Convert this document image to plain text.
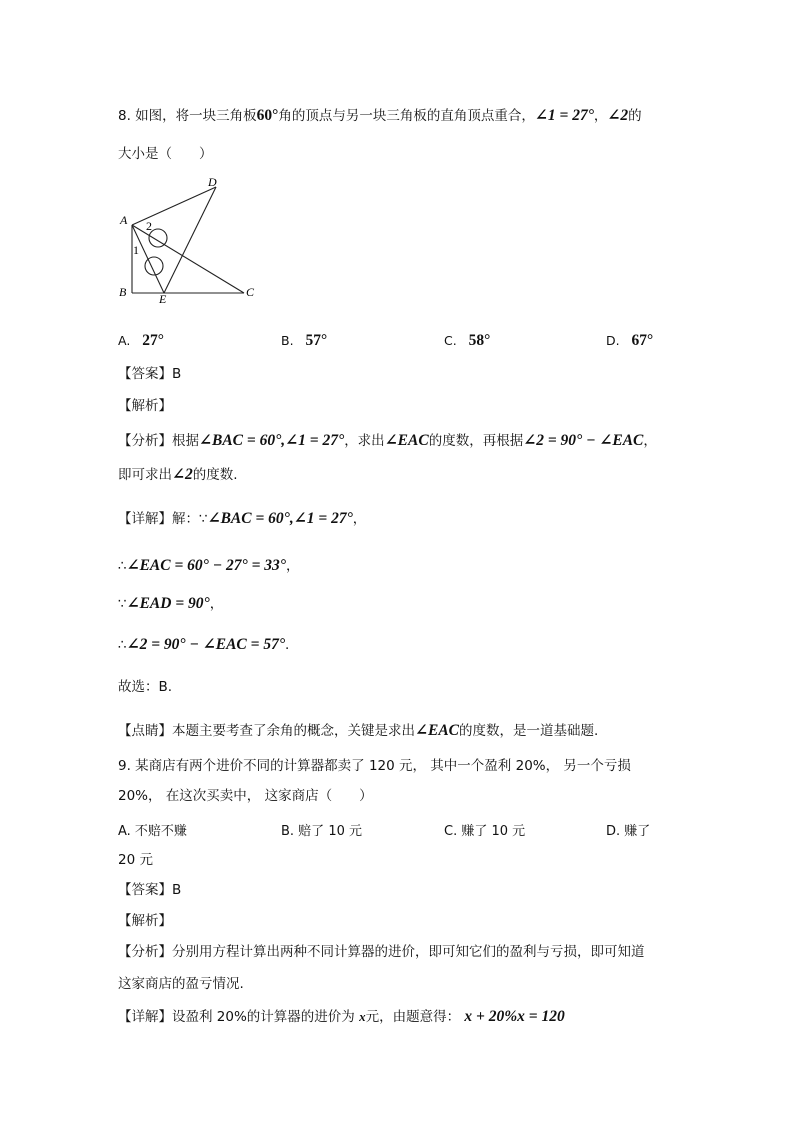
8. 如图，将一块三角板60°角的顶点与另一块三角板的直角顶点重合，∠1 = 27°，∠2的
大小是（　　）
A
D
B	E	C
2
1
A. 27°	B. 57°	C. 58°	D. 67°
【答案】B
【解析】
【分析】根据∠BAC = 60°,∠1 = 27°，求出∠EAC的度数，再根据∠2 = 90° − ∠EAC，
即可求出∠2的度数.
【详解】解：∵∠BAC = 60°,∠1 = 27°，
∴∠EAC = 60° − 27° = 33°，
∵∠EAD = 90°，
∴∠2 = 90° − ∠EAC = 57°.
故选：B.
【点睛】本题主要考查了余角的概念，关键是求出∠EAC的度数，是一道基础题.
9. 某商店有两个进价不同的计算器都卖了 120 元， 其中一个盈利 20%， 另一个亏损
20%， 在这次买卖中， 这家商店（　　）
A. 不赔不赚	B. 赔了 10 元	C. 赚了 10 元	D. 赚了
20 元
【答案】B
【解析】
【分析】分别用方程计算出两种不同计算器的进价，即可知它们的盈利与亏损，即可知道
这家商店的盈亏情况.
【详解】设盈利 20%的计算器的进价为 x元，由题意得： x + 20%x = 120
